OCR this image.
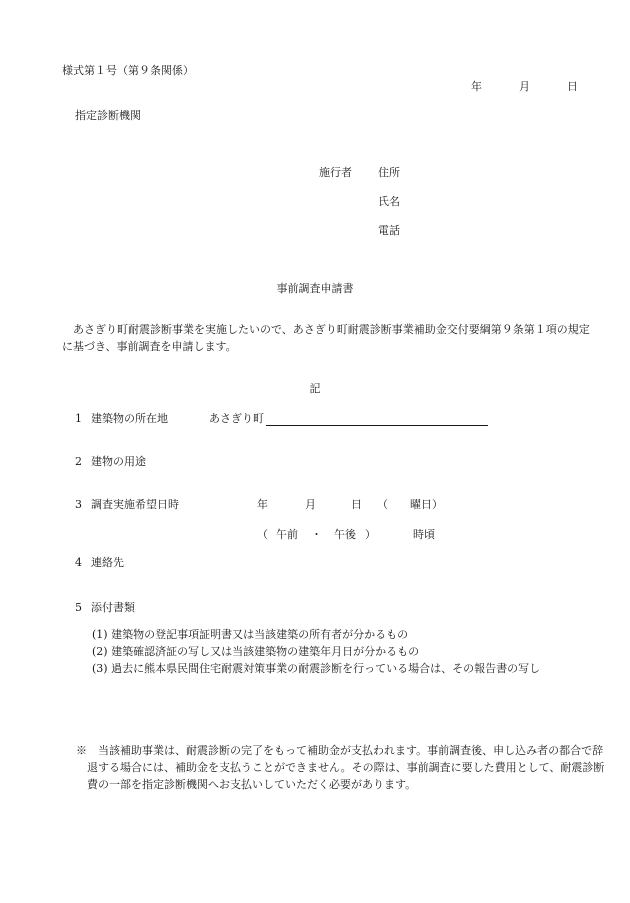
様式第１号（第９条関係）
年	月	日
指定診断機関
施行者 住所
氏名
電話
事前調査申請書
あさぎり町耐震診断事業を実施したいので、あさぎり町耐震診断事業補助金交付要綱第９条第１項の規定に基づき、事前調査を申請します。
記
1 建築物の所在地	あさぎり町
2 建物の用途
3 調査実施希望日時	年	月	日 （　　曜日）
（ 午前 ・ 午後 ）	時頃
4 連絡先
5 添付書類
(1) 建築物の登記事項証明書又は当該建築の所有者が分かるもの
(2) 建築確認済証の写し又は当該建築物の建築年月日が分かるもの
(3) 過去に熊本県民間住宅耐震対策事業の耐震診断を行っている場合は、その報告書の写し
※　当該補助事業は、耐震診断の完了をもって補助金が支払われます。事前調査後、申し込み者の都合で辞退する場合には、補助金を支払うことができません。その際は、事前調査に要した費用として、耐震診断費の一部を指定診断機関へお支払いしていただく必要があります。
